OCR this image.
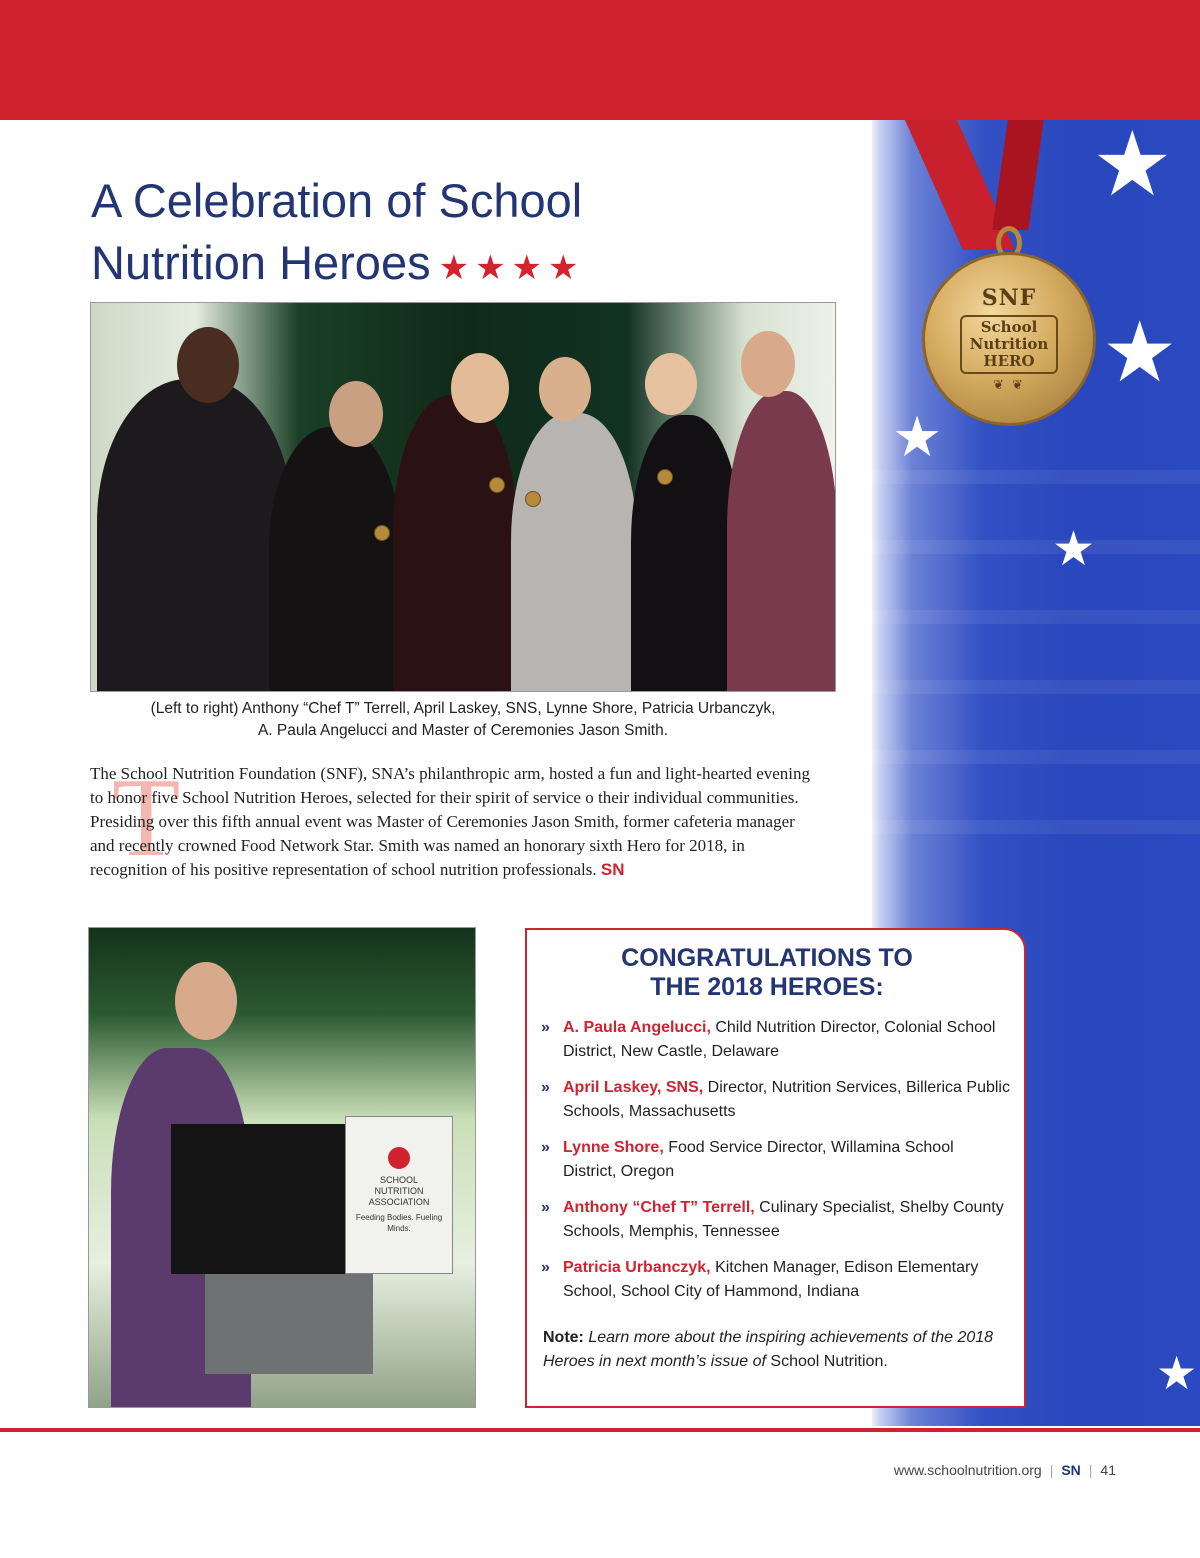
★
★
★
★
★
SNF
School
Nutrition
HERO
❦ ❦
A Celebration of School
Nutrition Heroes ★★★★

(Left to right) Anthony “Chef T” Terrell, April Laskey, SNS, Lynne Shore, Patricia Urbanczyk,
A. Paula Angelucci and Master of Ceremonies Jason Smith.

T

The School Nutrition Foundation (SNF), SNA’s philanthropic arm, hosted a fun and light-hearted evening to honor five School Nutrition Heroes, selected for their spirit of service o their individual communities. Presiding over this fifth annual event was Master of Ceremonies Jason Smith, former cafeteria manager and recently crowned Food Network Star. Smith was named an honorary sixth Hero for 2018, in recognition of his positive representation of school nutrition professionals. SN

SCHOOL
NUTRITION
ASSOCIATION
Feeding Bodies. Fueling Minds.
CONGRATULATIONS TO
THE 2018 HEROES:
» A. Paula Angelucci, Child Nutrition Director, Colonial School District, New Castle, Delaware
» April Laskey, SNS, Director, Nutrition Services, Billerica Public Schools, Massachusetts
» Lynne Shore, Food Service Director, Willamina School District, Oregon
» Anthony “Chef T” Terrell, Culinary Specialist, Shelby County Schools, Memphis, Tennessee
» Patricia Urbanczyk, Kitchen Manager, Edison Elementary School, School City of Hammond, Indiana

Note: Learn more about the inspiring achievements of the 2018 Heroes in next month’s issue of School Nutrition.

www.schoolnutrition.org | SN | 41
